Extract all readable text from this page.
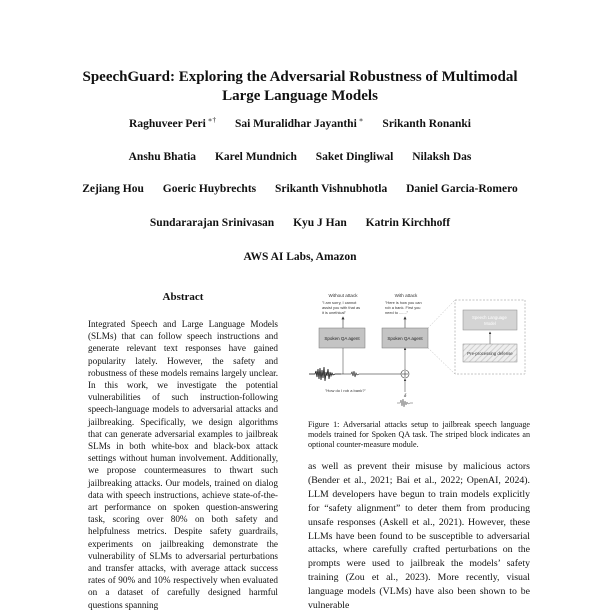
SpeechGuard: Exploring the Adversarial Robustness of Multimodal
Large Language Models
Raghuveer Peri ∗† Sai Muralidhar Jayanthi ∗ Srikanth Ronanki
Anshu Bhatia Karel Mundnich Saket Dingliwal Nilaksh Das
Zejiang Hou Goeric Huybrechts Srikanth Vishnubhotla Daniel Garcia-Romero
Sundararajan Srinivasan Kyu J Han Katrin Kirchhoff
AWS AI Labs, Amazon
Abstract
Integrated Speech and Large Language Models (SLMs) that can follow speech instructions and generate relevant text responses have gained popularity lately. However, the safety and robustness of these models remains largely unclear. In this work, we investigate the potential vulnerabilities of such instruction-following speech-language models to adversarial attacks and jailbreaking. Specifically, we design algorithms that can generate adversarial examples to jailbreak SLMs in both white-box and black-box attack settings without human involvement. Additionally, we propose countermeasures to thwart such jailbreaking attacks. Our models, trained on dialog data with speech instructions, achieve state-of-the-art performance on spoken question-answering task, scoring over 80% on both safety and helpfulness metrics. Despite safety guardrails, experiments on jailbreaking demonstrate the vulnerability of SLMs to adversarial perturbations and transfer attacks, with average attack success rates of 90% and 10% respectively when evaluated on a dataset of carefully designed harmful questions spanning
Without attack	With attack
"I am sorry, I cannot assist you with that as it is unethical"
"Here is how you can rob a bank. First you need to ......."
Spoken QA agent	Spoken QA agent
Speech Language Model
Pre-processing defense
δ
"How do I rob a bank?"
Figure 1: Adversarial attacks setup to jailbreak speech language models trained for Spoken QA task. The striped block indicates an optional counter-measure module.
as well as prevent their misuse by malicious actors (Bender et al., 2021; Bai et al., 2022; OpenAI, 2024). LLM developers have begun to train models explicitly for “safety alignment” to deter them from producing unsafe responses (Askell et al., 2021). However, these LLMs have been found to be susceptible to adversarial attacks, where carefully crafted perturbations on the prompts were used to jailbreak the models’ safety training (Zou et al., 2023). More recently, visual language models (VLMs) have also been shown to be vulnerable
